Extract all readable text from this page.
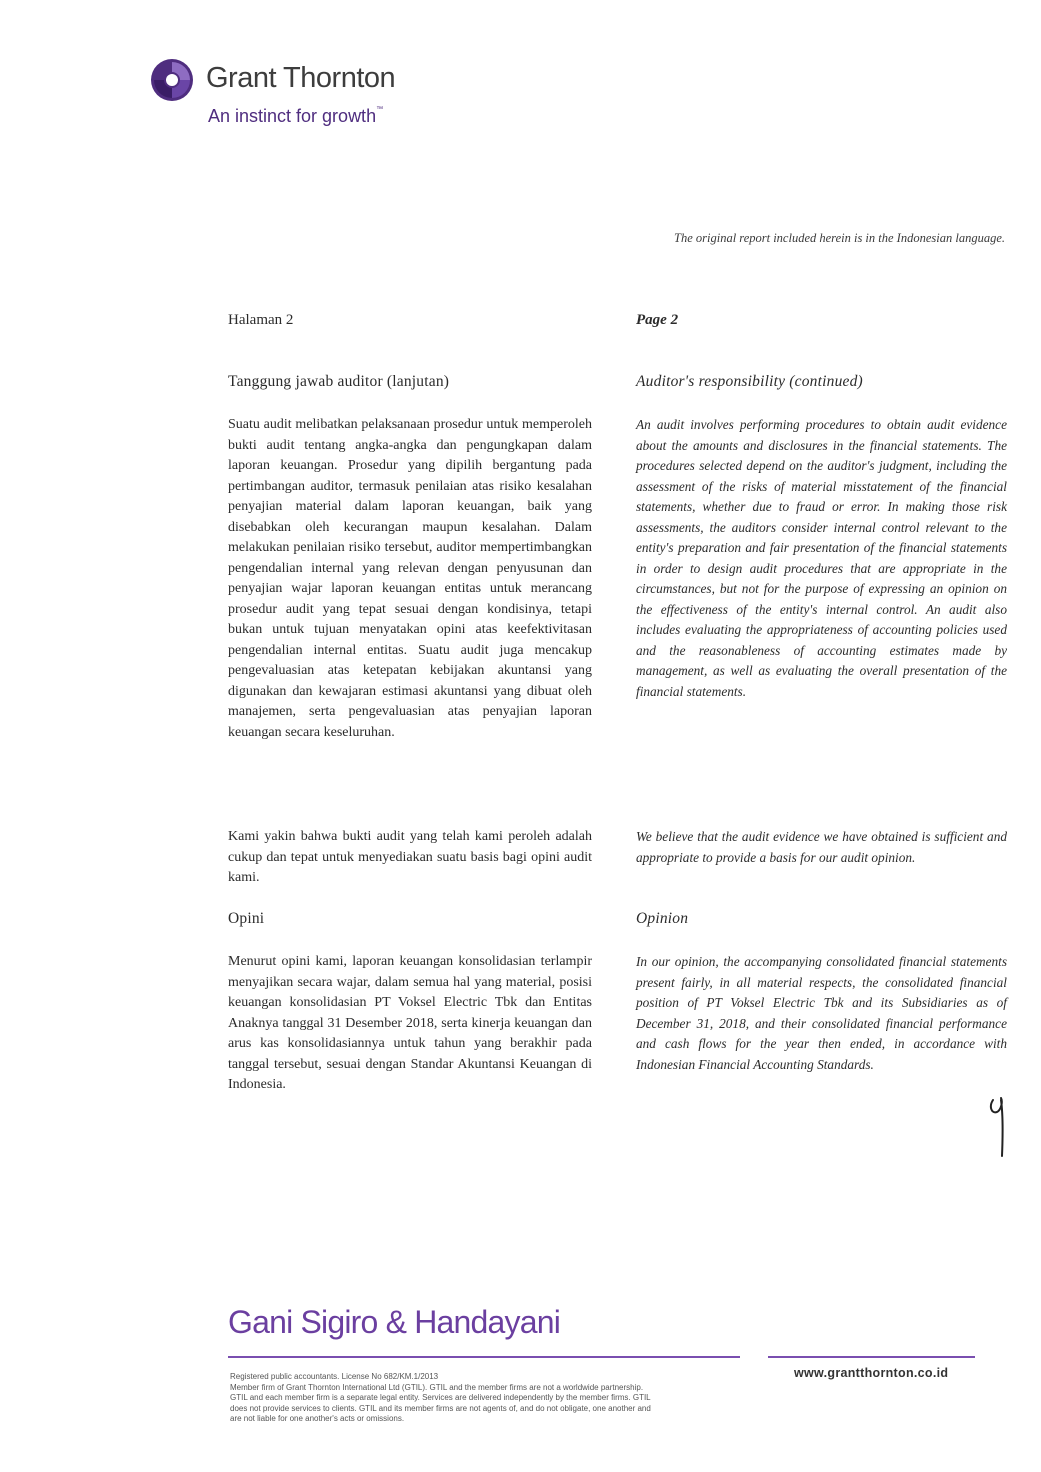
Grant Thornton
An instinct for growth™
The original report included herein is in the Indonesian language.
Halaman 2	Page 2
Tanggung jawab auditor (lanjutan)	Auditor's responsibility (continued)

Suatu audit melibatkan pelaksanaan prosedur untuk memperoleh bukti audit tentang angka-angka dan pengungkapan dalam laporan keuangan. Prosedur yang dipilih bergantung pada pertimbangan auditor, termasuk penilaian atas risiko kesalahan penyajian material dalam laporan keuangan, baik yang disebabkan oleh kecurangan maupun kesalahan. Dalam melakukan penilaian risiko tersebut, auditor mempertimbangkan pengendalian internal yang relevan dengan penyusunan dan penyajian wajar laporan keuangan entitas untuk merancang prosedur audit yang tepat sesuai dengan kondisinya, tetapi bukan untuk tujuan menyatakan opini atas keefektivitasan pengendalian internal entitas. Suatu audit juga mencakup pengevaluasian atas ketepatan kebijakan akuntansi yang digunakan dan kewajaran estimasi akuntansi yang dibuat oleh manajemen, serta pengevaluasian atas penyajian laporan keuangan secara keseluruhan.

An audit involves performing procedures to obtain audit evidence about the amounts and disclosures in the financial statements. The procedures selected depend on the auditor's judgment, including the assessment of the risks of material misstatement of the financial statements, whether due to fraud or error. In making those risk assessments, the auditors consider internal control relevant to the entity's preparation and fair presentation of the financial statements in order to design audit procedures that are appropriate in the circumstances, but not for the purpose of expressing an opinion on the effectiveness of the entity's internal control. An audit also includes evaluating the appropriateness of accounting policies used and the reasonableness of accounting estimates made by management, as well as evaluating the overall presentation of the financial statements.

Kami yakin bahwa bukti audit yang telah kami peroleh adalah cukup dan tepat untuk menyediakan suatu basis bagi opini audit kami.

We believe that the audit evidence we have obtained is sufficient and appropriate to provide a basis for our audit opinion.

Opini	Opinion

Menurut opini kami, laporan keuangan konsolidasian terlampir menyajikan secara wajar, dalam semua hal yang material, posisi keuangan konsolidasian PT Voksel Electric Tbk dan Entitas Anaknya tanggal 31 Desember 2018, serta kinerja keuangan dan arus kas konsolidasiannya untuk tahun yang berakhir pada tanggal tersebut, sesuai dengan Standar Akuntansi Keuangan di Indonesia.

In our opinion, the accompanying consolidated financial statements present fairly, in all material respects, the consolidated financial position of PT Voksel Electric Tbk and its Subsidiaries as of December 31, 2018, and their consolidated financial performance and cash flows for the year then ended, in accordance with Indonesian Financial Accounting Standards.

Gani Sigiro & Handayani
Registered public accountants. License No 682/KM.1/2013
Member firm of Grant Thornton International Ltd (GTIL). GTIL and the member firms are not a worldwide partnership.
GTIL and each member firm is a separate legal entity. Services are delivered independently by the member firms. GTIL
does not provide services to clients. GTIL and its member firms are not agents of, and do not obligate, one another and
are not liable for one another's acts or omissions.
www.grantthornton.co.id
